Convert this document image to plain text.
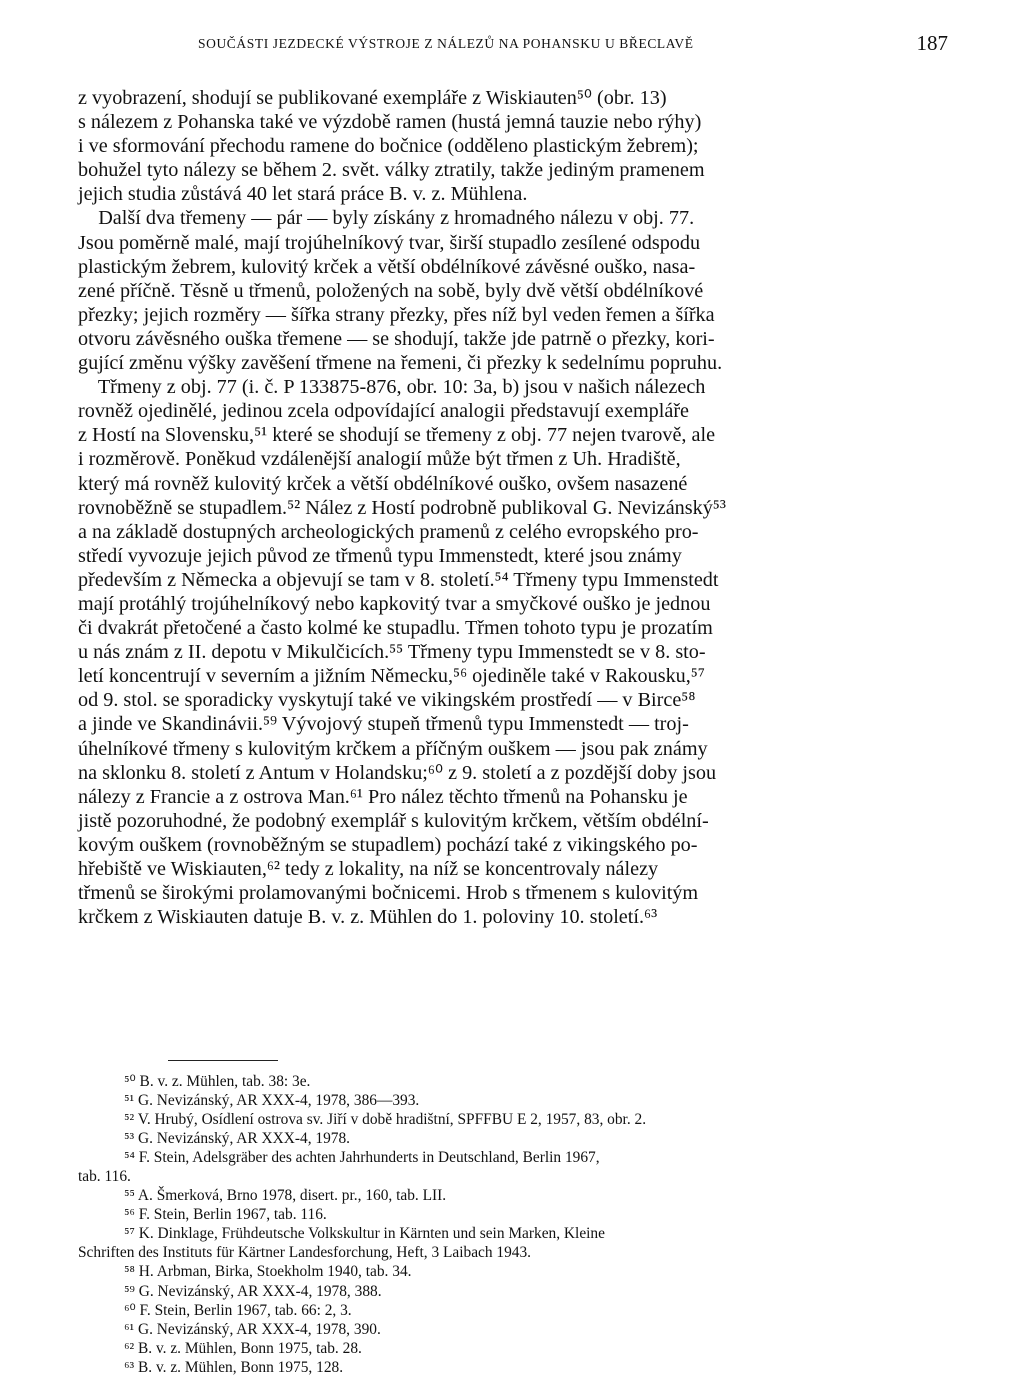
SOUČÁSTI JEZDECKÉ VÝSTROJE Z NÁLEZŮ NA POHANSKU U BŘECLAVĚ	187
z vyobrazení, shodují se publikované exempláře z Wiskiauten⁵⁰ (obr. 13)
s nálezem z Pohanska také ve výzdobě ramen (hustá jemná tauzie nebo rýhy)
i ve sformování přechodu ramene do bočnice (odděleno plastickým žebrem);
bohužel tyto nálezy se během 2. svět. války ztratily, takže jediným pramenem
jejich studia zůstává 40 let stará práce B. v. z. Mühlena.
Další dva třemeny — pár — byly získány z hromadného nálezu v obj. 77.
Jsou poměrně malé, mají trojúhelníkový tvar, širší stupadlo zesílené odspodu
plastickým žebrem, kulovitý krček a větší obdélníkové závěsné ouško, nasa-
zené příčně. Těsně u třmenů, položených na sobě, byly dvě větší obdélníkové
přezky; jejich rozměry — šířka strany přezky, přes níž byl veden řemen a šířka
otvoru závěsného ouška třemene — se shodují, takže jde patrně o přezky, kori-
gující změnu výšky zavěšení třmene na řemeni, či přezky k sedelnímu popruhu.
Třmeny z obj. 77 (i. č. P 133875-876, obr. 10: 3a, b) jsou v našich nálezech
rovněž ojedinělé, jedinou zcela odpovídající analogii představují exempláře
z Hostí na Slovensku,⁵¹ které se shodují se třemeny z obj. 77 nejen tvarově, ale
i rozměrově. Poněkud vzdálenější analogií může být třmen z Uh. Hradiště,
který má rovněž kulovitý krček a větší obdélníkové ouško, ovšem nasazené
rovnoběžně se stupadlem.⁵² Nález z Hostí podrobně publikoval G. Nevizánský⁵³
a na základě dostupných archeologických pramenů z celého evropského pro-
středí vyvozuje jejich původ ze třmenů typu Immenstedt, které jsou známy
především z Německa a objevují se tam v 8. století.⁵⁴ Třmeny typu Immenstedt
mají protáhlý trojúhelníkový nebo kapkovitý tvar a smyčkové ouško je jednou
či dvakrát přetočené a často kolmé ke stupadlu. Třmen tohoto typu je prozatím
u nás znám z II. depotu v Mikulčicích.⁵⁵ Třmeny typu Immenstedt se v 8. sto-
letí koncentrují v severním a jižním Německu,⁵⁶ ojediněle také v Rakousku,⁵⁷
od 9. stol. se sporadicky vyskytují také ve vikingském prostředí — v Birce⁵⁸
a jinde ve Skandinávii.⁵⁹ Vývojový stupeň třmenů typu Immenstedt — troj-
úhelníkové třmeny s kulovitým krčkem a příčným ouškem — jsou pak známy
na sklonku 8. století z Antum v Holandsku;⁶⁰ z 9. století a z pozdější doby jsou
nálezy z Francie a z ostrova Man.⁶¹ Pro nález těchto třmenů na Pohansku je
jistě pozoruhodné, že podobný exemplář s kulovitým krčkem, větším obdélní-
kovým ouškem (rovnoběžným se stupadlem) pochází také z vikingského po-
hřebiště ve Wiskiauten,⁶² tedy z lokality, na níž se koncentrovaly nálezy
třmenů se širokými prolamovanými bočnicemi. Hrob s třmenem s kulovitým
krčkem z Wiskiauten datuje B. v. z. Mühlen do 1. poloviny 10. století.⁶³
⁵⁰ B. v. z. Mühlen, tab. 38: 3e.
⁵¹ G. Nevizánský, AR XXX-4, 1978, 386—393.
⁵² V. Hrubý, Osídlení ostrova sv. Jiří v době hradištní, SPFFBU E 2, 1957, 83, obr. 2.
⁵³ G. Nevizánský, AR XXX-4, 1978.
⁵⁴ F. Stein, Adelsgräber des achten Jahrhunderts in Deutschland, Berlin 1967,
tab. 116.
⁵⁵ A. Šmerková, Brno 1978, disert. pr., 160, tab. LII.
⁵⁶ F. Stein, Berlin 1967, tab. 116.
⁵⁷ K. Dinklage, Frühdeutsche Volkskultur in Kärnten und sein Marken, Kleine
Schriften des Instituts für Kärtner Landesforchung, Heft, 3 Laibach 1943.
⁵⁸ H. Arbman, Birka, Stoekholm 1940, tab. 34.
⁵⁹ G. Nevizánský, AR XXX-4, 1978, 388.
⁶⁰ F. Stein, Berlin 1967, tab. 66: 2, 3.
⁶¹ G. Nevizánský, AR XXX-4, 1978, 390.
⁶² B. v. z. Mühlen, Bonn 1975, tab. 28.
⁶³ B. v. z. Mühlen, Bonn 1975, 128.
